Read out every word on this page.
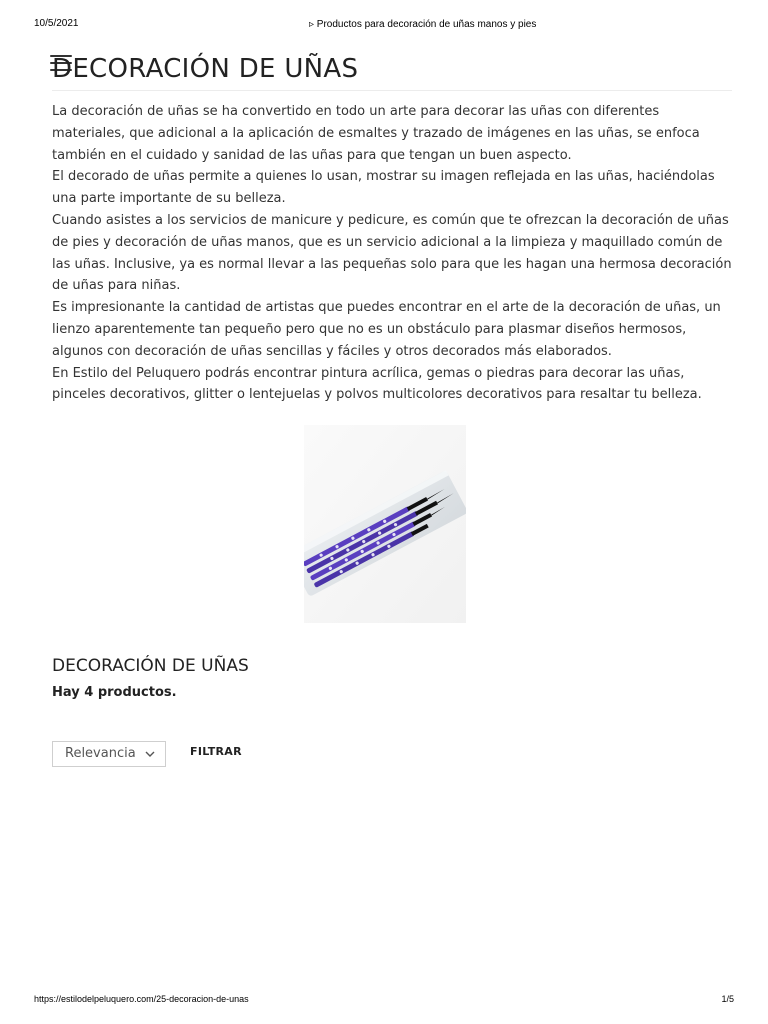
10/5/2021	▹ Productos para decoración de uñas manos y pies
DECORACIÓN DE UÑAS

La decoración de uñas se ha convertido en todo un arte para decorar las uñas con diferentes materiales, que adicional a la aplicación de esmaltes y trazado de imágenes en las uñas, se enfoca también en el cuidado y sanidad de las uñas para que tengan un buen aspecto.

El decorado de uñas permite a quienes lo usan, mostrar su imagen reflejada en las uñas, haciéndolas una parte importante de su belleza.

Cuando asistes a los servicios de manicure y pedicure, es común que te ofrezcan la decoración de uñas de pies y decoración de uñas manos, que es un servicio adicional a la limpieza y maquillado común de las uñas. Inclusive, ya es normal llevar a las pequeñas solo para que les hagan una hermosa decoración de uñas para niñas.

Es impresionante la cantidad de artistas que puedes encontrar en el arte de la decoración de uñas, un lienzo aparentemente tan pequeño pero que no es un obstáculo para plasmar diseños hermosos, algunos con decoración de uñas sencillas y fáciles y otros decorados más elaborados.

En Estilo del Peluquero podrás encontrar pintura acrílica, gemas o piedras para decorar las uñas, pinceles decorativos, glitter o lentejuelas y polvos multicolores decorativos para resaltar tu belleza.

DECORACIÓN DE UÑAS
Hay 4 productos.
Relevancia	FILTRAR
https://estilodelpeluquero.com/25-decoracion-de-unas	1/5
